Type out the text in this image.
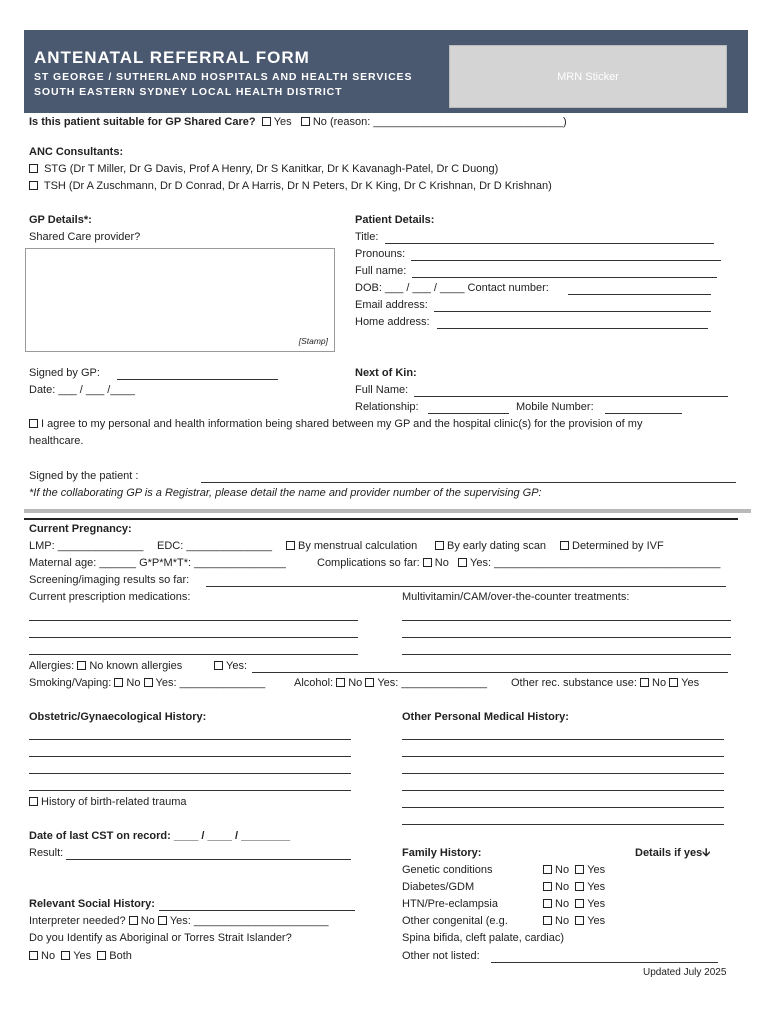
ANTENATAL REFERRAL FORM
ST GEORGE / SUTHERLAND HOSPITALS AND HEALTH SERVICES
SOUTH EASTERN SYDNEY LOCAL HEALTH DISTRICT
MRN Sticker
Is this patient suitable for GP Shared Care? Yes No (reason: _______________________________)
ANC Consultants:
STG (Dr T Miller, Dr G Davis, Prof A Henry, Dr S Kanitkar, Dr K Kavanagh-Patel, Dr C Duong)
TSH (Dr A Zuschmann, Dr D Conrad, Dr A Harris, Dr N Peters, Dr K King, Dr C Krishnan, Dr D Krishnan)
GP Details*:
Shared Care provider?
[Stamp]
Patient Details:
Title:
Pronouns:
Full name:
DOB: ___ / ___ / ____ Contact number:
Email address:
Home address:
Signed by GP:
Date: ___ / ___ /____
Next of Kin:
Full Name:
Relationship:	Mobile Number:
I agree to my personal and health information being shared between my GP and the hospital clinic(s) for the provision of my
healthcare.
Signed by the patient :
*If the collaborating GP is a Registrar, please detail the name and provider number of the supervising GP:
Current Pregnancy:
LMP: ______________ EDC: ______________	By menstrual calculation	By early dating scan	Determined by IVF
Maternal age: ______ G*P*M*T*: _______________	Complications so far: No Yes: _____________________________________
Screening/imaging results so far:
Current prescription medications:	Multivitamin/CAM/over-the-counter treatments:
Allergies: No known allergies	Yes:
Smoking/Vaping: No Yes: ______________	Alcohol: No Yes: ______________ Other rec. substance use: No Yes
Obstetric/Gynaecological History:	Other Personal Medical History:
History of birth-related trauma
Date of last CST on record: ____ / ____ / ________
Result:
Relevant Social History:
Interpreter needed? No Yes: ______________________
Do you Identify as Aboriginal or Torres Strait Islander?
No Yes Both
Family History:	Details if yes🡫
Genetic conditions	No Yes
Diabetes/GDM	No Yes
HTN/Pre-eclampsia	No Yes
Other congenital (e.g.	No Yes
Spina bifida, cleft palate, cardiac)
Other not listed:
Updated July 2025
